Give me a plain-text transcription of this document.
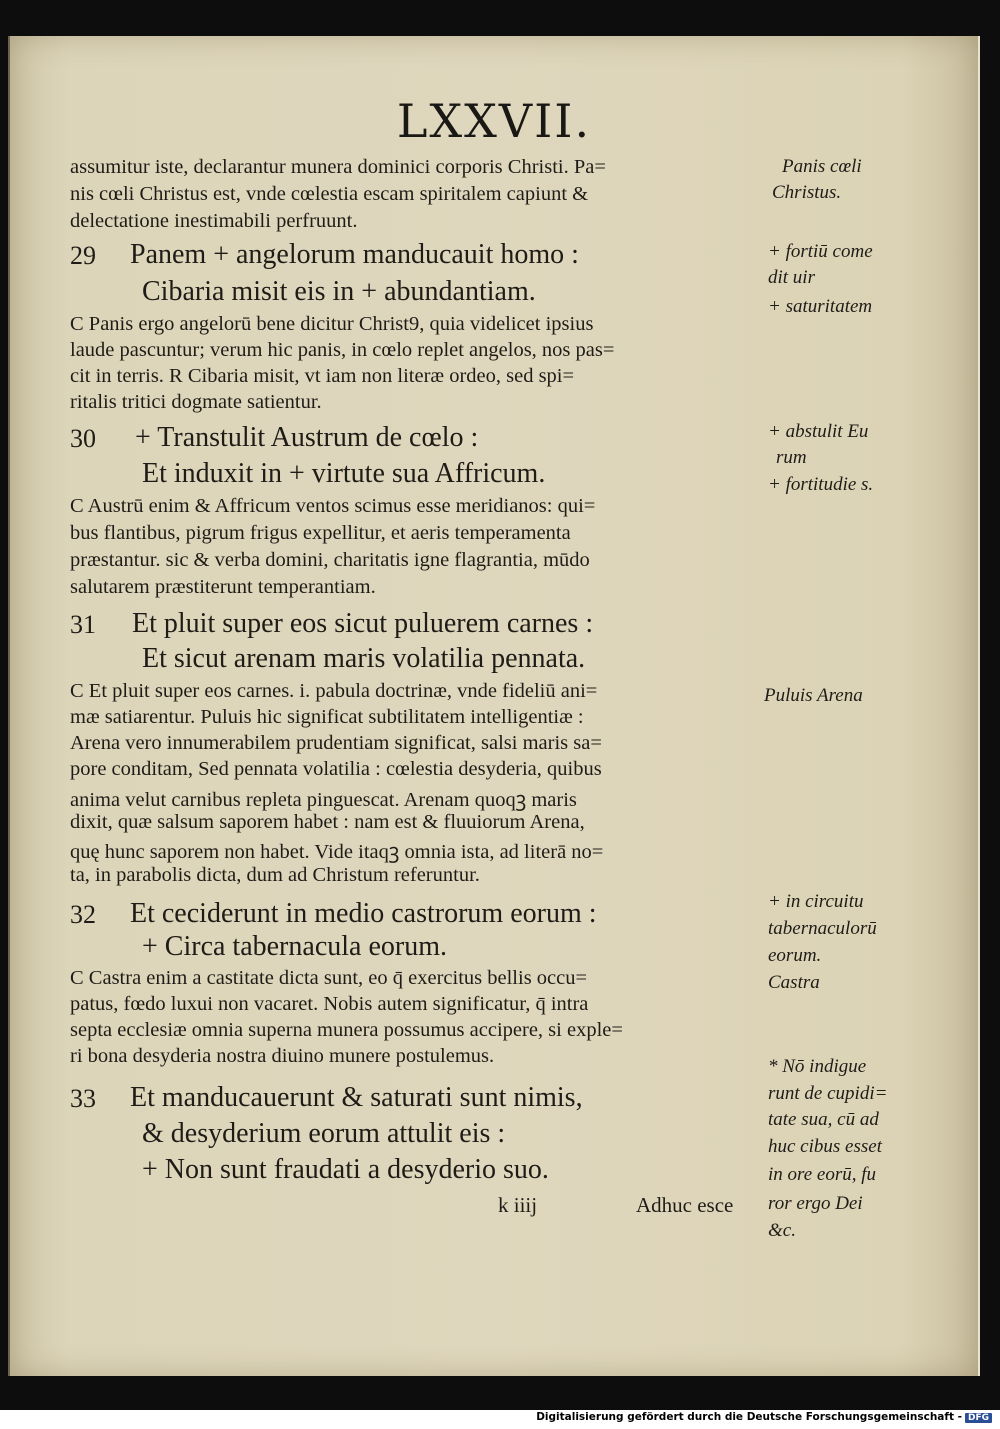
LXXVII.
assumitur iste, declarantur munera dominici corporis Christi. Pa=
nis cœli Christus est, vnde cœlestia escam spiritalem capiunt &
delectatione inestimabili perfruunt.
29 Panem + angelorum manducauit homo :
Cibaria misit eis in + abundantiam.
C Panis ergo angelorū bene dicitur Christ9, quia videlicet ipsius
laude pascuntur; verum hic panis, in cœlo replet angelos, nos pas=
cit in terris. R Cibaria misit, vt iam non literæ ordeo, sed spi=
ritalis tritici dogmate satientur.
30 + Transtulit Austrum de cœlo :
Et induxit in + virtute sua Affricum.
C Austrū enim & Affricum ventos scimus esse meridianos: qui=
bus flantibus, pigrum frigus expellitur, et aeris temperamenta
præstantur. sic & verba domini, charitatis igne flagrantia, mūdo
salutarem præstiterunt temperantiam.
31 Et pluit super eos sicut puluerem carnes :
Et sicut arenam maris volatilia pennata.
C Et pluit super eos carnes. i. pabula doctrinæ, vnde fideliū ani=
mæ satiarentur. Puluis hic significat subtilitatem intelligentiæ :
Arena vero innumerabilem prudentiam significat, salsi maris sa=
pore conditam, Sed pennata volatilia : cœlestia desyderia, quibus
anima velut carnibus repleta pinguescat. Arenam quoqꝫ maris
dixit, quæ salsum saporem habet : nam est & fluuiorum Arena,
quę hunc saporem non habet. Vide itaqꝫ omnia ista, ad literā no=
ta, in parabolis dicta, dum ad Christum referuntur.
32 Et ceciderunt in medio castrorum eorum :
+ Circa tabernacula eorum.
C Castra enim a castitate dicta sunt, eo q̄ exercitus bellis occu=
patus, fœdo luxui non vacaret. Nobis autem significatur, q̄ intra
septa ecclesiæ omnia superna munera possumus accipere, si exple=
ri bona desyderia nostra diuino munere postulemus.
33 Et manducauerunt & saturati sunt nimis,
& desyderium eorum attulit eis :
+ Non sunt fraudati a desyderio suo.
k iiij	Adhuc esce
Panis cœli
Christus.
+ fortiū come
dit uir
+ saturitatem
+ abstulit Eu
rum
+ fortitudie s.
Puluis Arena
+ in circuitu
tabernaculorū
eorum.
Castra
* Nō indigue
runt de cupidi=
tate sua, cū ad
huc cibus esset
in ore eorū, fu
ror ergo Dei
&c.
Digitalisierung gefördert durch die Deutsche Forschungsgemeinschaft - DFG
